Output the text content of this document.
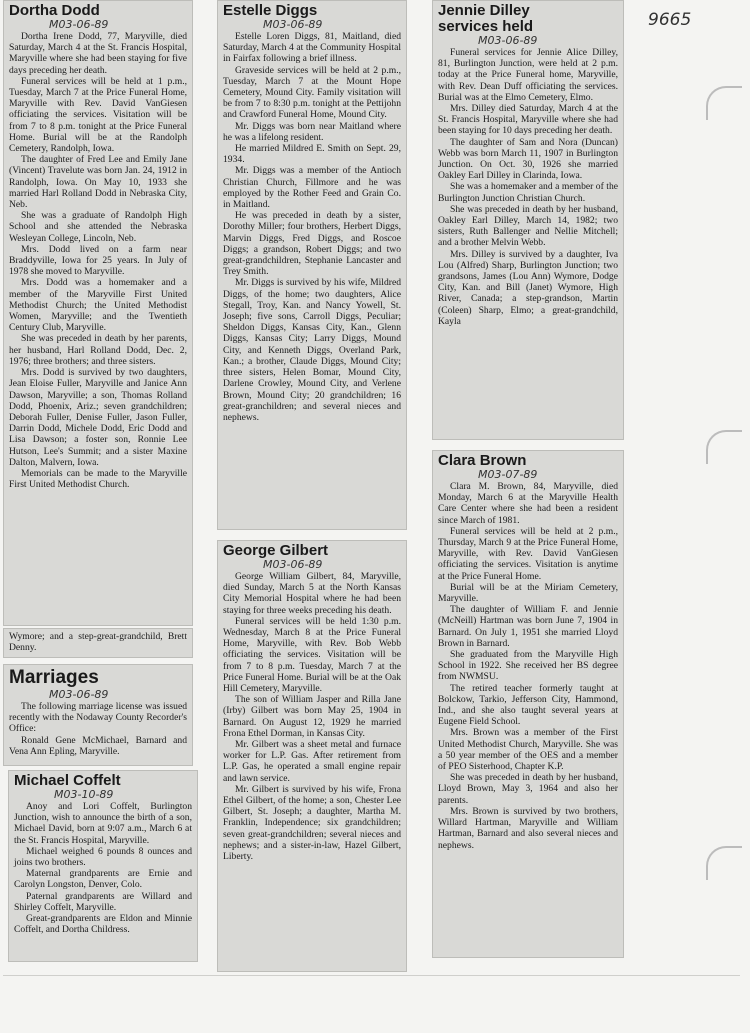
9665
Dortha Dodd
M03-06-89

Dortha Irene Dodd, 77, Maryville, died Saturday, March 4 at the St. Francis Hospital, Maryville where she had been staying for five days preceding her death.

Funeral services will be held at 1 p.m., Tuesday, March 7 at the Price Funeral Home, Maryville with Rev. David VanGiesen officiating the services. Visitation will be from 7 to 8 p.m. tonight at the Price Funeral Home. Burial will be at the Randolph Cemetery, Randolph, Iowa.

The daughter of Fred Lee and Emily Jane (Vincent) Travelute was born Jan. 24, 1912 in Randolph, Iowa. On May 10, 1933 she married Harl Rolland Dodd in Nebraska City, Neb.

She was a graduate of Randolph High School and she attended the Nebraska Wesleyan College, Lincoln, Neb.

Mrs. Dodd lived on a farm near Braddyville, Iowa for 25 years. In July of 1978 she moved to Maryville.

Mrs. Dodd was a homemaker and a member of the Maryville First United Methodist Church; the United Methodist Women, Maryville; and the Twentieth Century Club, Maryville.

She was preceded in death by her parents, her husband, Harl Rolland Dodd, Dec. 2, 1976; three brothers; and three sisters.

Mrs. Dodd is survived by two daughters, Jean Eloise Fuller, Maryville and Janice Ann Dawson, Maryville; a son, Thomas Rolland Dodd, Phoenix, Ariz.; seven grandchildren; Deborah Fuller, Denise Fuller, Jason Fuller, Darrin Dodd, Michele Dodd, Eric Dodd and Lisa Dawson; a foster son, Ronnie Lee Hutson, Lee's Summit; and a sister Maxine Dalton, Malvern, Iowa.

Memorials can be made to the Maryville First United Methodist Church.

Wymore; and a step-great-grandchild, Brett Denny.

Marriages
M03-06-89

The following marriage license was issued recently with the Nodaway County Recorder's Office:

Ronald Gene McMichael, Barnard and Vena Ann Epling, Maryville.

Michael Coffelt
M03-10-89

Anoy and Lori Coffelt, Burlington Junction, wish to announce the birth of a son, Michael David, born at 9:07 a.m., March 6 at the St. Francis Hospital, Maryville.

Michael weighed 6 pounds 8 ounces and joins two brothers.

Maternal grandparents are Ernie and Carolyn Longston, Denver, Colo.

Paternal grandparents are Willard and Shirley Coffelt, Maryville.

Great-grandparents are Eldon and Minnie Coffelt, and Dortha Childress.

Estelle Diggs
M03-06-89

Estelle Loren Diggs, 81, Maitland, died Saturday, March 4 at the Community Hospital in Fairfax following a brief illness.

Graveside services will be held at 2 p.m., Tuesday, March 7 at the Mount Hope Cemetery, Mound City. Family visitation will be from 7 to 8:30 p.m. tonight at the Pettijohn and Crawford Funeral Home, Mound City.

Mr. Diggs was born near Maitland where he was a lifelong resident.

He married Mildred E. Smith on Sept. 29, 1934.

Mr. Diggs was a member of the Antioch Christian Church, Fillmore and he was employed by the Rother Feed and Grain Co. in Maitland.

He was preceded in death by a sister, Dorothy Miller; four brothers, Herbert Diggs, Marvin Diggs, Fred Diggs, and Roscoe Diggs; a grandson, Robert Diggs; and two great-grandchildren, Stephanie Lancaster and Trey Smith.

Mr. Diggs is survived by his wife, Mildred Diggs, of the home; two daughters, Alice Stegall, Troy, Kan. and Nancy Yowell, St. Joseph; five sons, Carroll Diggs, Peculiar; Sheldon Diggs, Kansas City, Kan., Glenn Diggs, Kansas City; Larry Diggs, Mound City, and Kenneth Diggs, Overland Park, Kan.; a brother, Claude Diggs, Mound City; three sisters, Helen Bomar, Mound City, Darlene Crowley, Mound City, and Verlene Brown, Mound City; 20 grandchildren; 16 great-granchildren; and several nieces and nephews.

George Gilbert
M03-06-89

George William Gilbert, 84, Maryville, died Sunday, March 5 at the North Kansas City Memorial Hospital where he had been staying for three weeks preceding his death.

Funeral services will be held 1:30 p.m. Wednesday, March 8 at the Price Funeral Home, Maryville, with Rev. Bob Webb officiating the services. Visitation will be from 7 to 8 p.m. Tuesday, March 7 at the Price Funeral Home. Burial will be at the Oak Hill Cemetery, Maryville.

The son of William Jasper and Rilla Jane (Irby) Gilbert was born May 25, 1904 in Barnard. On August 12, 1929 he married Frona Ethel Dorman, in Kansas City.

Mr. Gilbert was a sheet metal and furnace worker for L.P. Gas. After retirement from L.P. Gas, he operated a small engine repair and lawn service.

Mr. Gilbert is survived by his wife, Frona Ethel Gilbert, of the home; a son, Chester Lee Gilbert, St. Joseph; a daughter, Martha M. Franklin, Independence; six grandchildren; seven great-grandchildren; several nieces and nephews; and a sister-in-law, Hazel Gilbert, Liberty.

Jennie Dilley services held
M03-06-89

Funeral services for Jennie Alice Dilley, 81, Burlington Junction, were held at 2 p.m. today at the Price Funeral home, Maryville, with Rev. Dean Duff officiating the services. Burial was at the Elmo Cemetery, Elmo.

Mrs. Dilley died Saturday, March 4 at the St. Francis Hospital, Maryville where she had been staying for 10 days preceding her death.

The daughter of Sam and Nora (Duncan) Webb was born March 11, 1907 in Burlington Junction. On Oct. 30, 1926 she married Oakley Earl Dilley in Clarinda, Iowa.

She was a homemaker and a member of the Burlington Junction Christian Church.

She was preceded in death by her husband, Oakley Earl Dilley, March 14, 1982; two sisters, Ruth Ballenger and Nellie Mitchell; and a brother Melvin Webb.

Mrs. Dilley is survived by a daughter, Iva Lou (Alfred) Sharp, Burlington Junction; two grandsons, James (Lou Ann) Wymore, Dodge City, Kan. and Bill (Janet) Wymore, High River, Canada; a step-grandson, Martin (Coleen) Sharp, Elmo; a great-grandchild, Kayla

Clara Brown
M03-07-89

Clara M. Brown, 84, Maryville, died Monday, March 6 at the Maryville Health Care Center where she had been a resident since March of 1981.

Funeral services will be held at 2 p.m., Thursday, March 9 at the Price Funeral Home, Maryville, with Rev. David VanGiesen officiating the services. Visitation is anytime at the Price Funeral Home.

Burial will be at the Miriam Cemetery, Maryville.

The daughter of William F. and Jennie (McNeill) Hartman was born June 7, 1904 in Barnard. On July 1, 1951 she married Lloyd Brown in Barnard.

She graduated from the Maryville High School in 1922. She received her BS degree from NWMSU.

The retired teacher formerly taught at Bolckow, Tarkio, Jefferson City, Hammond, Ind., and she also taught several years at Eugene Field School.

Mrs. Brown was a member of the First United Methodist Church, Maryville. She was a 50 year member of the OES and a member of PEO Sisterhood, Chapter K.P.

She was preceded in death by her husband, Lloyd Brown, May 3, 1964 and also her parents.

Mrs. Brown is survived by two brothers, Willard Hartman, Maryville and William Hartman, Barnard and also several nieces and nephews.
